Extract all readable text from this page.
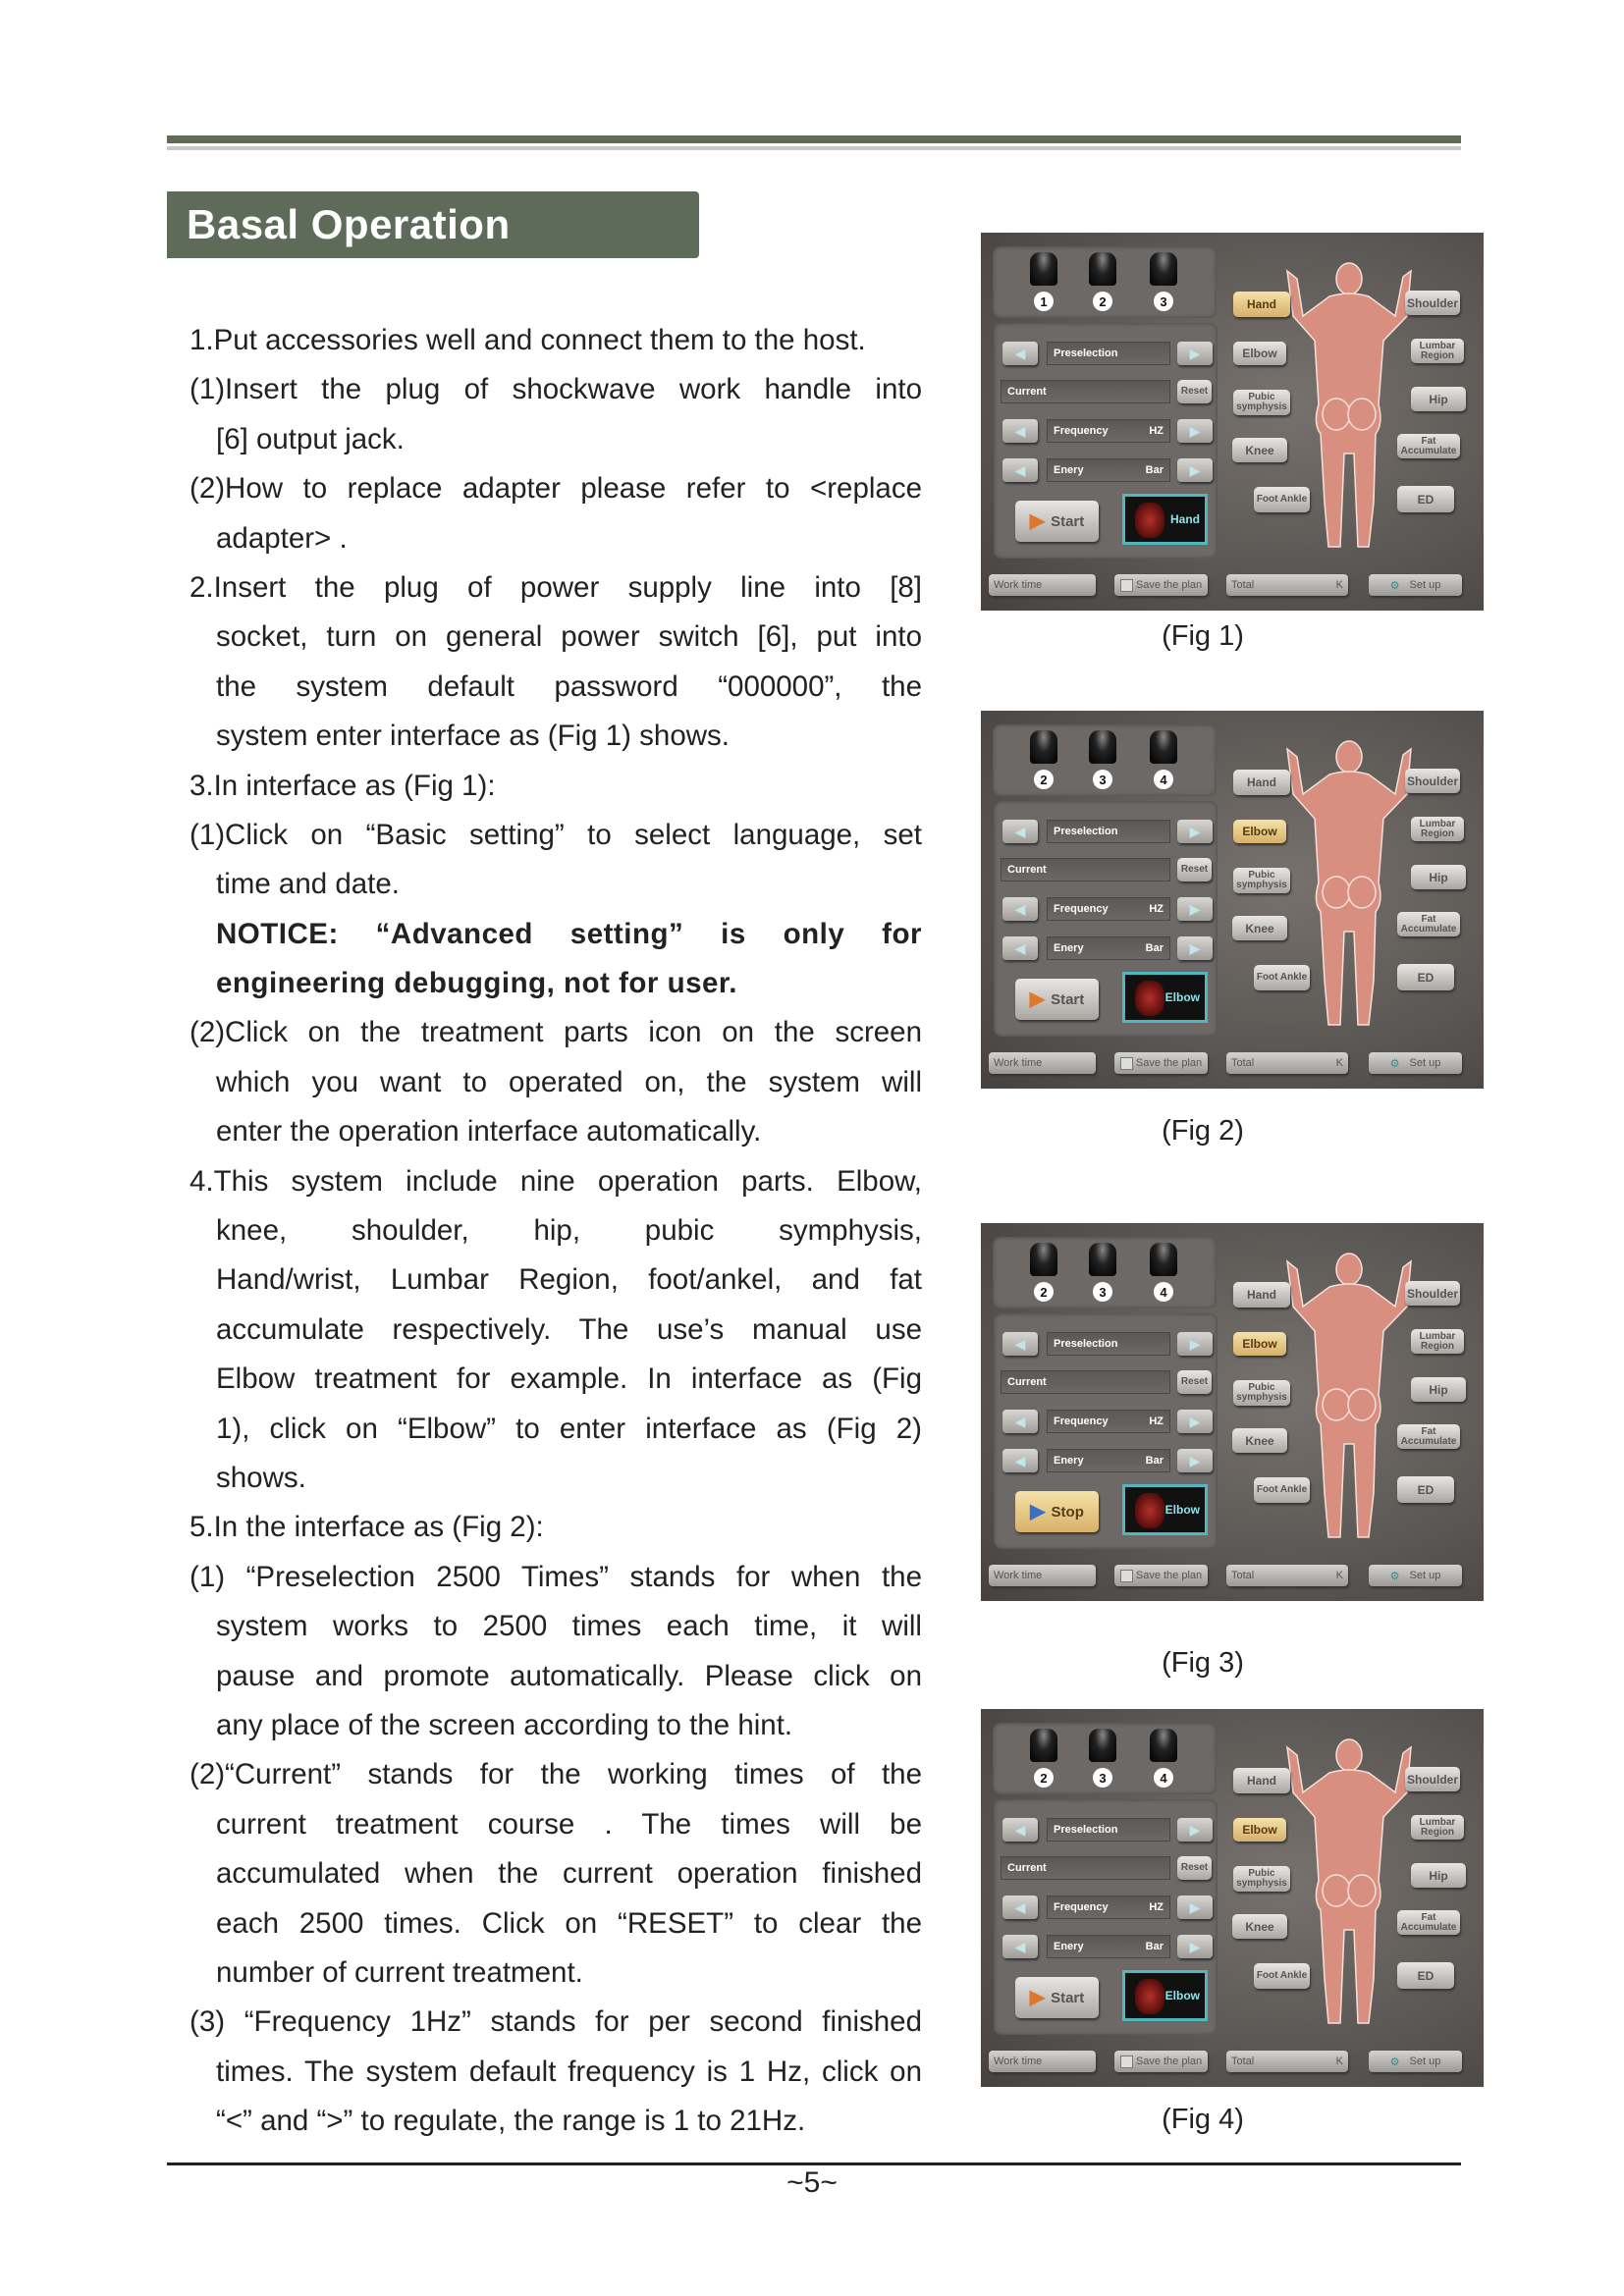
Basal Operation
1.Put accessories well and connect them to the host.
(1)Insert the plug of shockwave work handle into
[6] output jack.
(2)How to replace adapter please refer to <replace
adapter> .
2.Insert the plug of power supply line into [8]
socket, turn on general power switch [6], put into
the system default password “000000”, the
system enter interface as (Fig 1) shows.
3.In interface as (Fig 1):
(1)Click on “Basic setting” to select language, set
time and date.
NOTICE: “Advanced setting” is only for
engineering debugging, not for user.
(2)Click on the treatment parts icon on the screen
which you want to operated on, the system will
enter the operation interface automatically.
4.This system include nine operation parts. Elbow,
knee, shoulder, hip, pubic symphysis,
Hand/wrist, Lumbar Region, foot/ankel, and fat
accumulate respectively. The use’s manual use
Elbow treatment for example. In interface as (Fig
1), click on “Elbow” to enter interface as (Fig 2)
shows.
5.In the interface as (Fig 2):
(1) “Preselection 2500 Times” stands for when the
system works to 2500 times each time, it will
pause and promote automatically. Please click on
any place of the screen according to the hint.
(2)“Current” stands for the working times of the
current treatment course . The times will be
accumulated when the current operation finished
each 2500 times. Click on “RESET” to clear the
number of current treatment.
(3) “Frequency 1Hz” stands for per second finished
times. The system default frequency is 1 Hz, click on
“<” and “>” to regulate, the range is 1 to 21Hz.
1	2	3
◀	Preselection	▶
◀	Frequency	HZ	▶
◀	Enery	Bar	▶
Current	Reset
▶ Start	Hand
Hand
Elbow
Pubic symphysis
Knee
Foot Ankle
Shoulder
Lumbar Region
Hip
Fat Accumulate
ED
Work time	Save the plan	Total	K	⚙ Set up
(Fig 1)
2	3	4
◀	Preselection	▶
◀	Frequency	HZ	▶
◀	Enery	Bar	▶
Current	Reset
▶ Start	Elbow
Hand
Elbow
Pubic symphysis
Knee
Foot Ankle
Shoulder
Lumbar Region
Hip
Fat Accumulate
ED
Work time	Save the plan	Total	K	⚙ Set up
(Fig 2)
2	3	4
◀	Preselection	▶
◀	Frequency	HZ	▶
◀	Enery	Bar	▶
Current	Reset
▶ Stop	Elbow
Hand
Elbow
Pubic symphysis
Knee
Foot Ankle
Shoulder
Lumbar Region
Hip
Fat Accumulate
ED
Work time	Save the plan	Total	K	⚙ Set up
(Fig 3)
2	3	4
◀	Preselection	▶
◀	Frequency	HZ	▶
◀	Enery	Bar	▶
Current	Reset
▶ Start	Elbow
Hand
Elbow
Pubic symphysis
Knee
Foot Ankle
Shoulder
Lumbar Region
Hip
Fat Accumulate
ED
Work time	Save the plan	Total	K	⚙ Set up
(Fig 4)
~5~
